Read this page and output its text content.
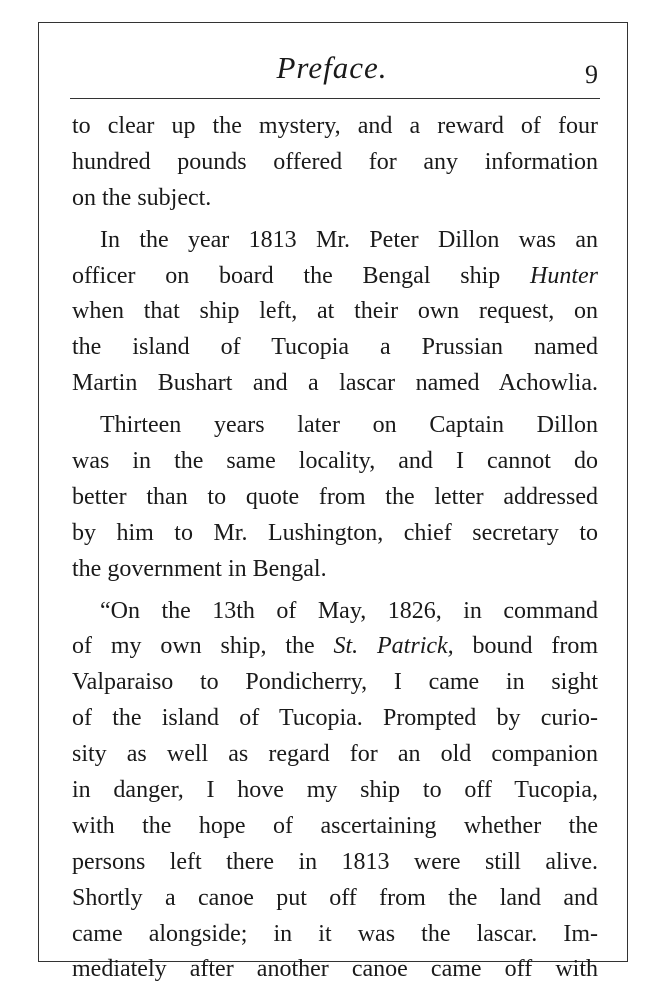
Preface.	9
to clear up the mystery, and a reward of four
hundred pounds offered for any information
on the subject.
In the year 1813 Mr. Peter Dillon was an
officer on board the Bengal ship Hunter
when that ship left, at their own request, on
the island of Tucopia a Prussian named
Martin Bushart and a lascar named Achowlia.
Thirteen years later on Captain Dillon
was in the same locality, and I cannot do
better than to quote from the letter addressed
by him to Mr. Lushington, chief secretary to
the government in Bengal.
“On the 13th of May, 1826, in command
of my own ship, the St. Patrick, bound from
Valparaiso to Pondicherry, I came in sight
of the island of Tucopia. Prompted by curio-
sity as well as regard for an old companion
in danger, I hove my ship to off Tucopia,
with the hope of ascertaining whether the
persons left there in 1813 were still alive.
Shortly a canoe put off from the land and
came alongside; in it was the lascar. Im-
mediately after another canoe came off with
